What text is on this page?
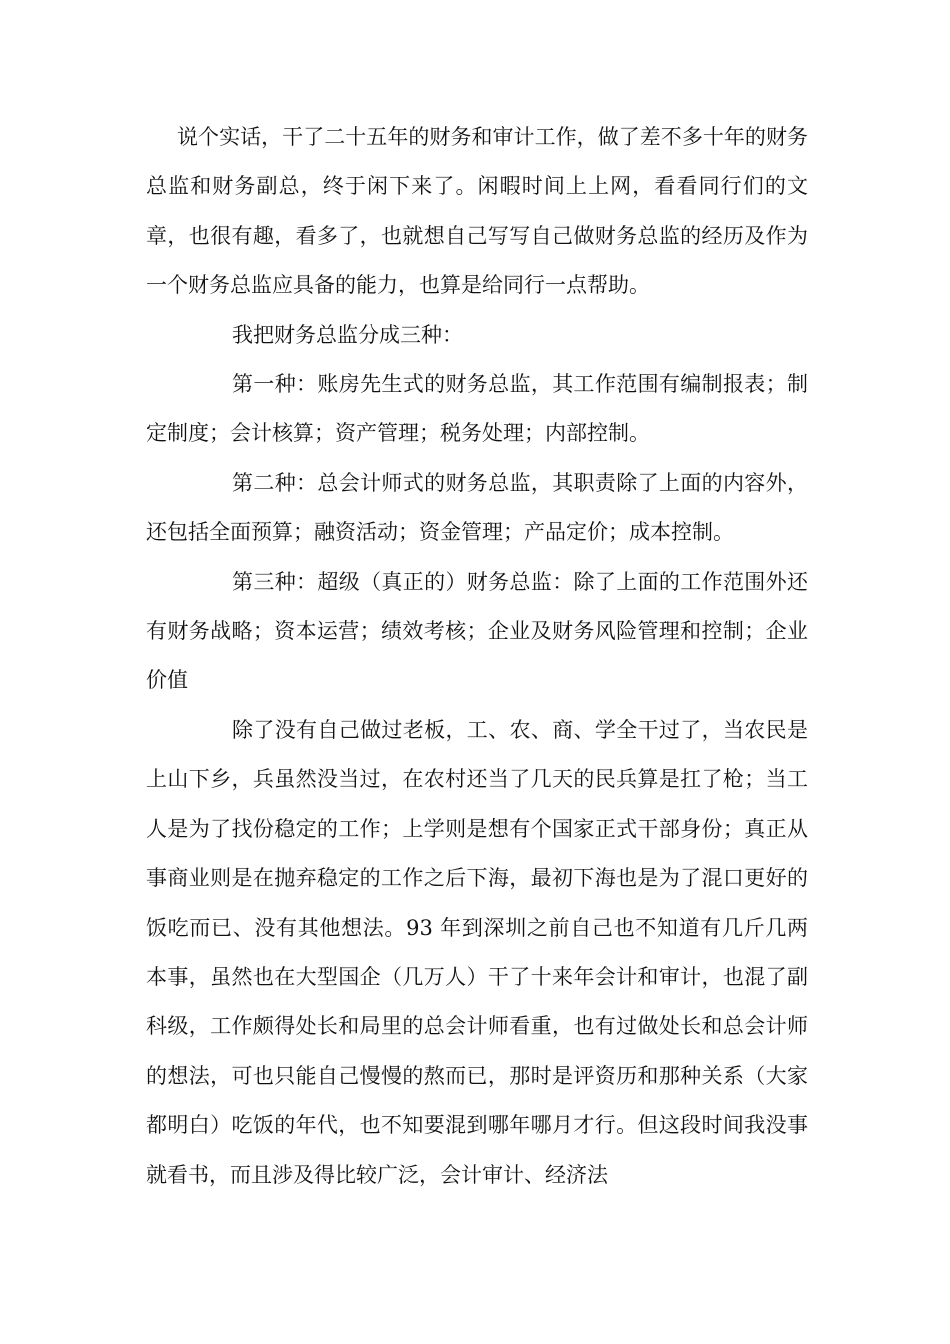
说个实话，干了二十五年的财务和审计工作，做了差不多十年的财务总监和财务副总，终于闲下来了。闲暇时间上上网，看看同行们的文章，也很有趣，看多了，也就想自己写写自己做财务总监的经历及作为一个财务总监应具备的能力，也算是给同行一点帮助。

我把财务总监分成三种：

第一种：账房先生式的财务总监，其工作范围有编制报表；制定制度；会计核算；资产管理；税务处理；内部控制。

第二种：总会计师式的财务总监，其职责除了上面的内容外，还包括全面预算；融资活动；资金管理；产品定价；成本控制。

第三种：超级（真正的）财务总监：除了上面的工作范围外还有财务战略；资本运营；绩效考核；企业及财务风险管理和控制；企业价值

除了没有自己做过老板，工、农、商、学全干过了，当农民是上山下乡，兵虽然没当过，在农村还当了几天的民兵算是扛了枪；当工人是为了找份稳定的工作；上学则是想有个国家正式干部身份；真正从事商业则是在抛弃稳定的工作之后下海，最初下海也是为了混口更好的饭吃而已、没有其他想法。93 年到深圳之前自己也不知道有几斤几两本事，虽然也在大型国企（几万人）干了十来年会计和审计，也混了副科级，工作颇得处长和局里的总会计师看重，也有过做处长和总会计师的想法，可也只能自己慢慢的熬而已，那时是评资历和那种关系（大家都明白）吃饭的年代，也不知要混到哪年哪月才行。但这段时间我没事就看书，而且涉及得比较广泛，会计审计、经济法
